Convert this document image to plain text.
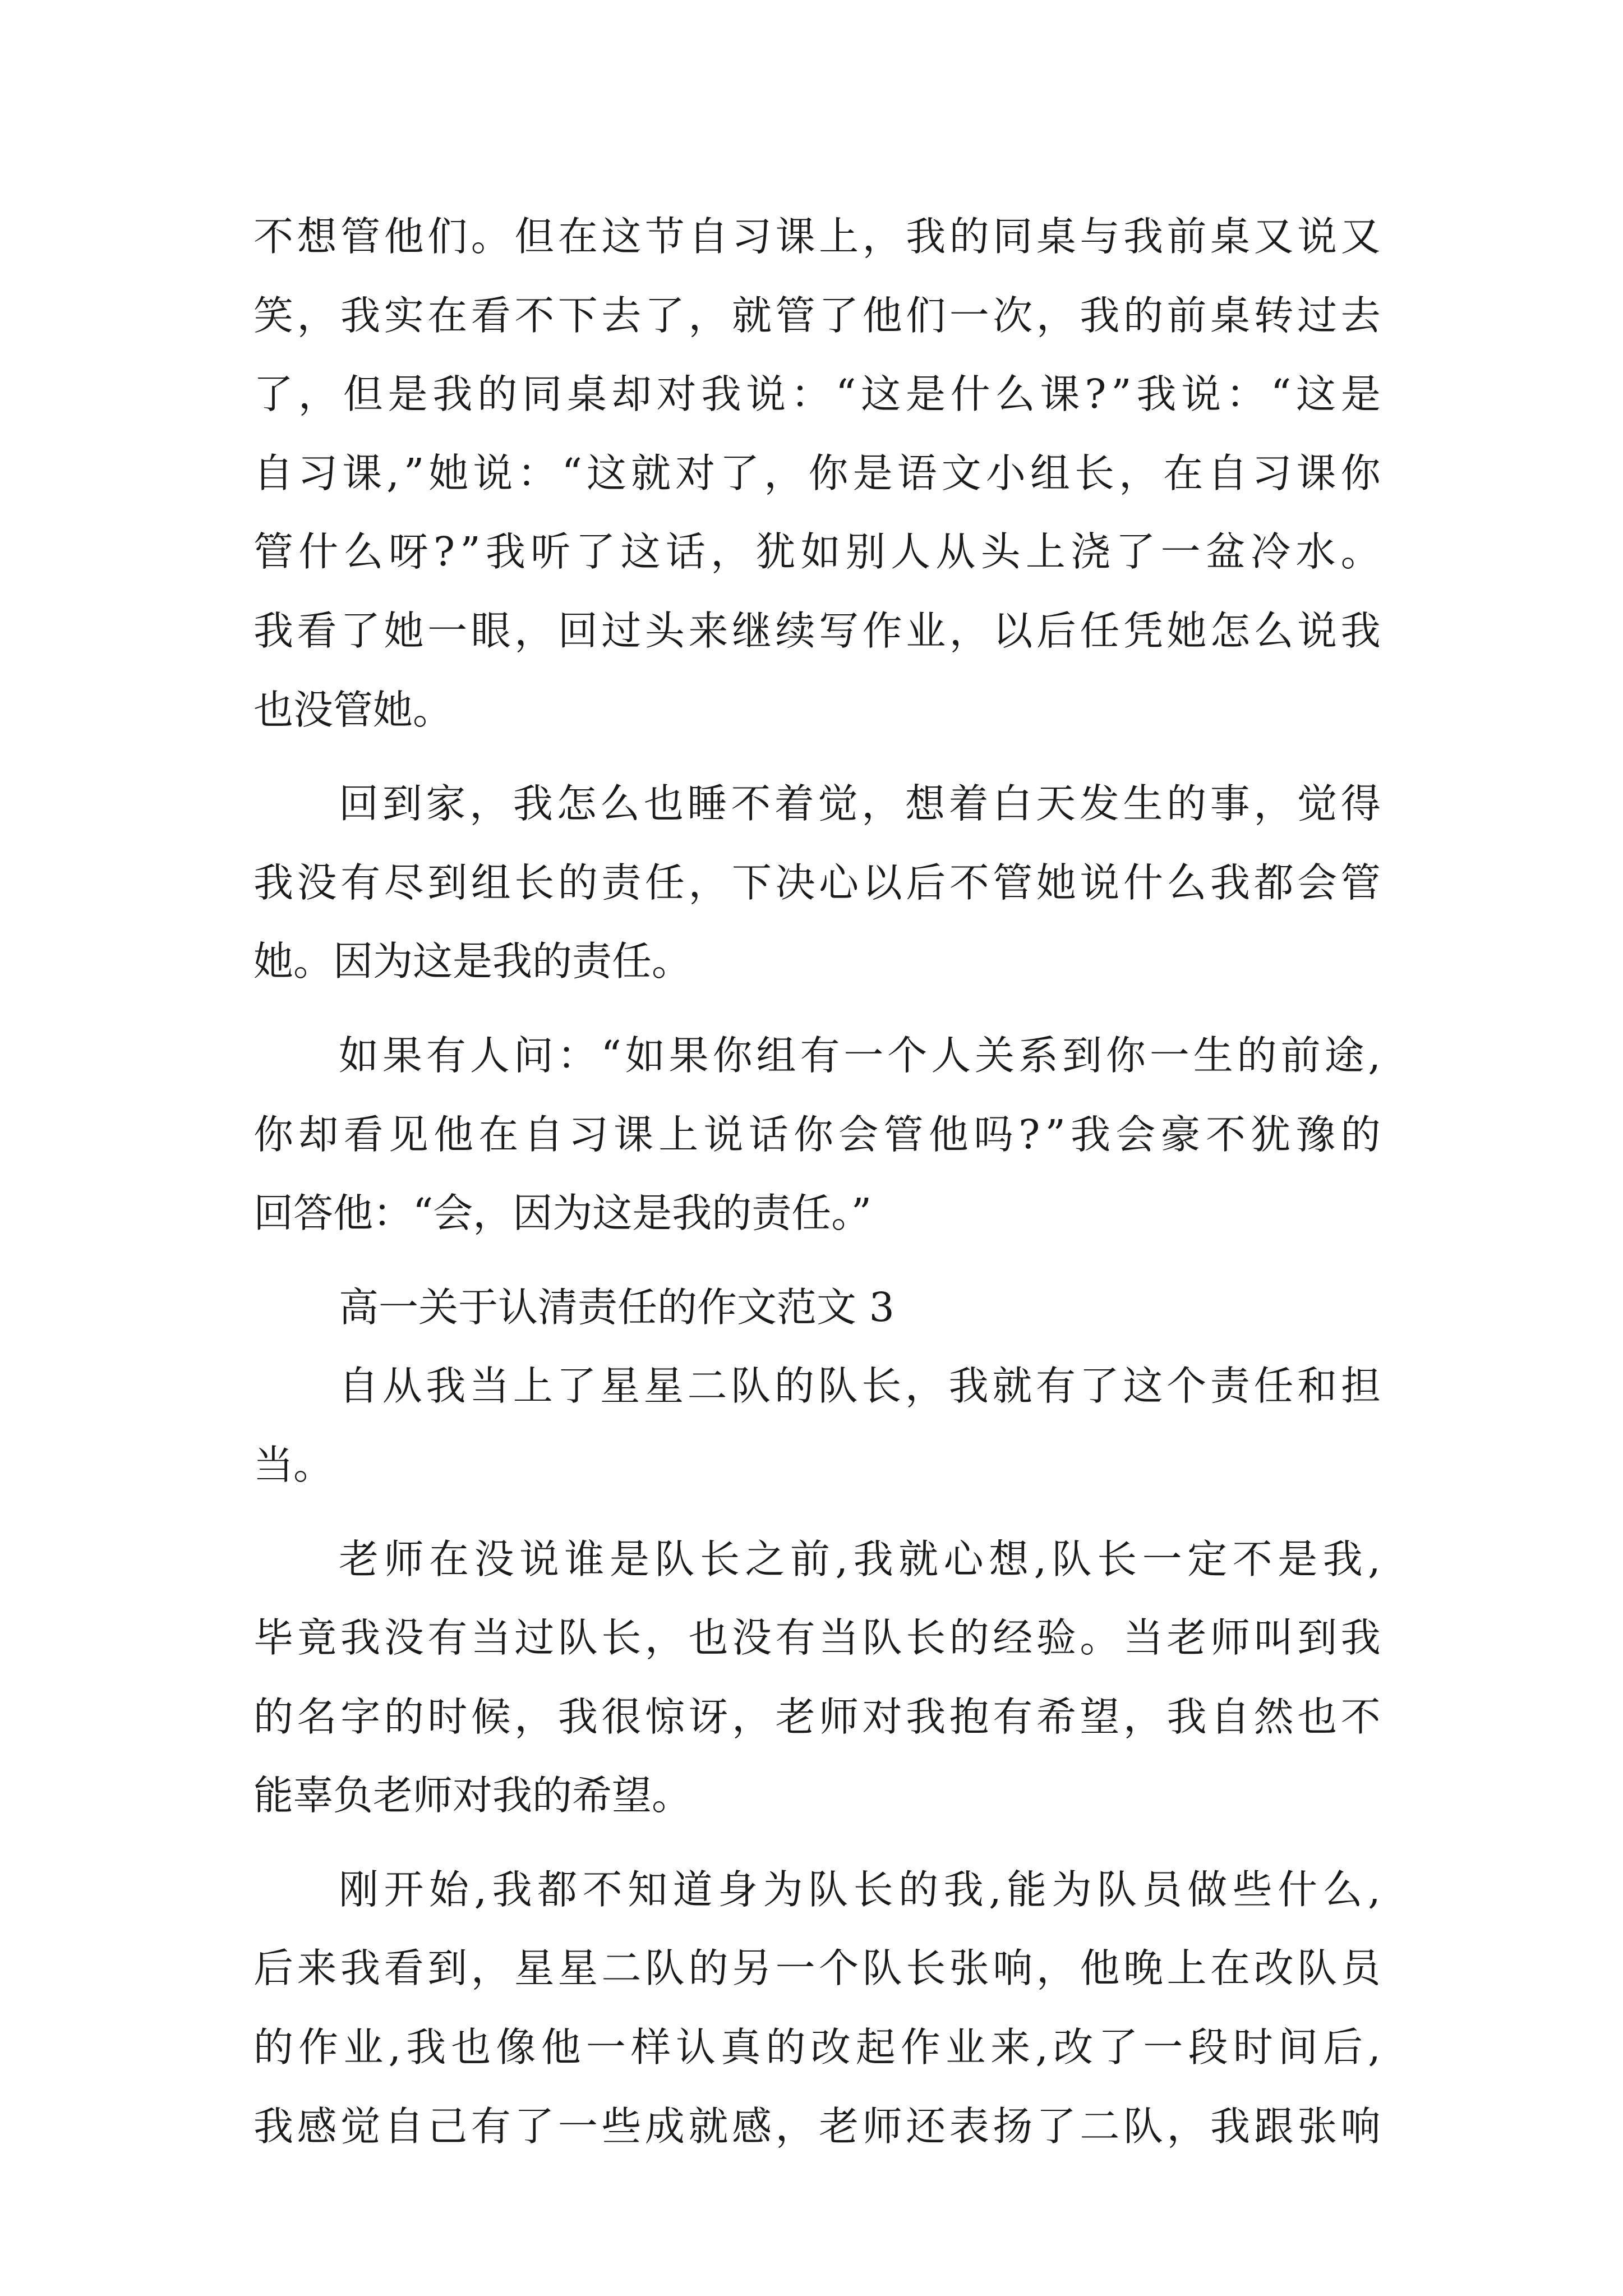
不 想 管 他 们 。 但 在 这 节 自 习 课 上 ， 我 的 同 桌 与 我 前 桌 又 说 又
笑 ， 我 实 在 看 不 下 去 了 ， 就 管 了 他 们 一 次 ， 我 的 前 桌 转 过 去
了 ， 但 是 我 的 同 桌 却 对 我 说 ： “ 这 是 什 么 课 ? ” 我 说 ： “ 这 是
自 习 课 , ” 她 说 ： “ 这 就 对 了 ， 你 是 语 文 小 组 长 ， 在 自 习 课 你
管 什 么 呀 ? ” 我 听 了 这 话 ， 犹 如 别 人 从 头 上 浇 了 一 盆 冷 水 。
我 看 了 她 一 眼 ， 回 过 头 来 继 续 写 作 业 ， 以 后 任 凭 她 怎 么 说 我
也没管她。
回 到 家 ， 我 怎 么 也 睡 不 着 觉 ， 想 着 白 天 发 生 的 事 ， 觉 得
我 没 有 尽 到 组 长 的 责 任 ， 下 决 心 以 后 不 管 她 说 什 么 我 都 会 管
她。因为这是我的责任。
如 果 有 人 问 ： “ 如 果 你 组 有 一 个 人 关 系 到 你 一 生 的 前 途 ,
你 却 看 见 他 在 自 习 课 上 说 话 你 会 管 他 吗 ? ” 我 会 豪 不 犹 豫 的
回答他：“会，因为这是我的责任。”
高一关于认清责任的作文范文 3
自 从 我 当 上 了 星 星 二 队 的 队 长 ， 我 就 有 了 这 个 责 任 和 担
当。
老 师 在 没 说 谁 是 队 长 之 前 , 我 就 心 想 , 队 长 一 定 不 是 我 ,
毕 竟 我 没 有 当 过 队 长 ， 也 没 有 当 队 长 的 经 验 。 当 老 师 叫 到 我
的 名 字 的 时 候 ， 我 很 惊 讶 ， 老 师 对 我 抱 有 希 望 ， 我 自 然 也 不
能辜负老师对我的希望。
刚 开 始 , 我 都 不 知 道 身 为 队 长 的 我 , 能 为 队 员 做 些 什 么 ,
后 来 我 看 到 ， 星 星 二 队 的 另 一 个 队 长 张 响 ， 他 晚 上 在 改 队 员
的 作 业 , 我 也 像 他 一 样 认 真 的 改 起 作 业 来 , 改 了 一 段 时 间 后 ,
我 感 觉 自 己 有 了 一 些 成 就 感 ， 老 师 还 表 扬 了 二 队 ， 我 跟 张 响
